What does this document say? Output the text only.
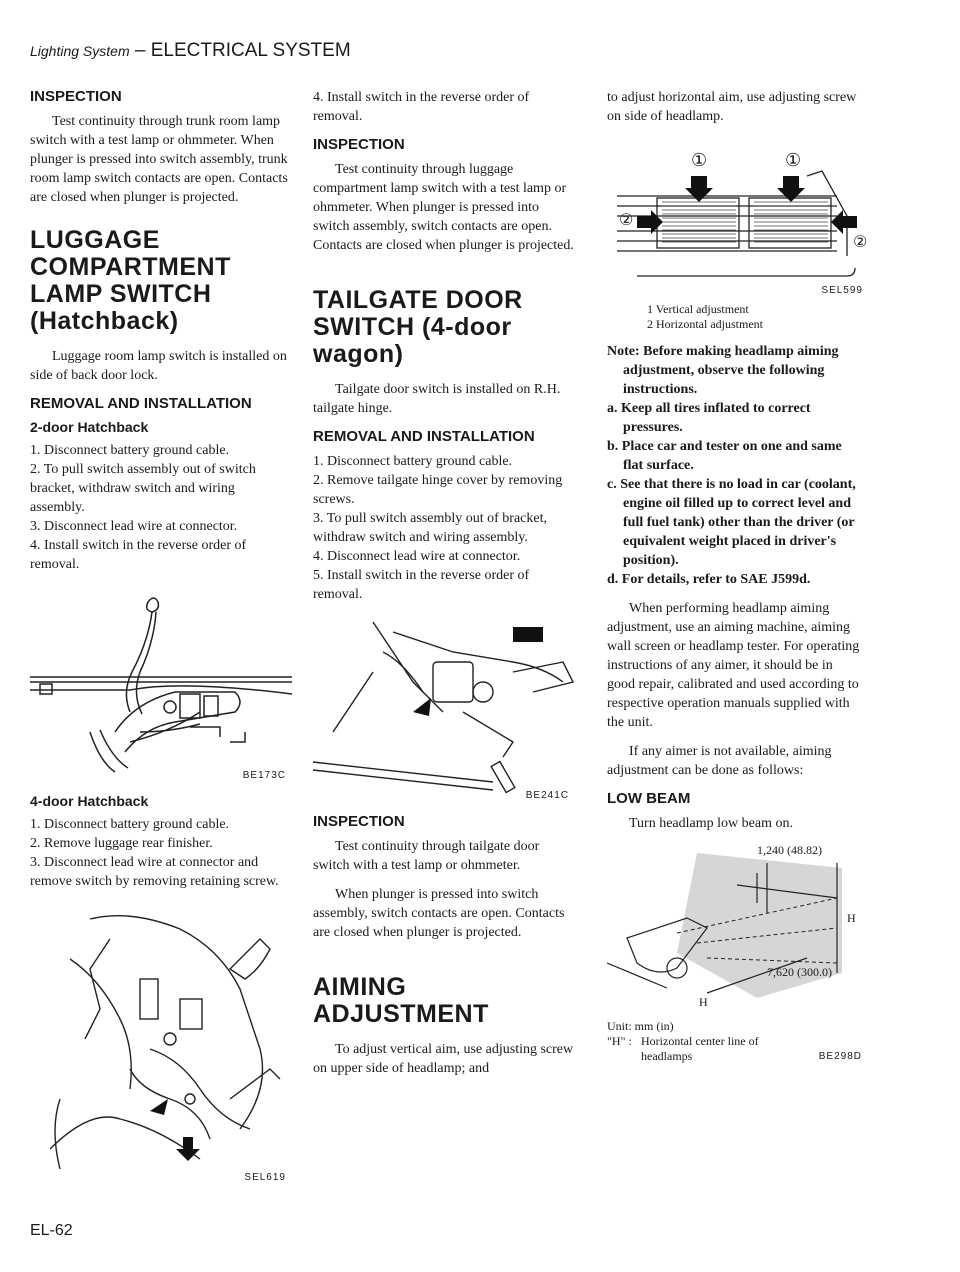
Lighting System – ELECTRICAL SYSTEM
INSPECTION

Test continuity through trunk room lamp switch with a test lamp or ohmmeter. When plunger is pressed into switch assembly, trunk room lamp switch contacts are open. Contacts are closed when plunger is projected.

LUGGAGE COMPARTMENT LAMP SWITCH (Hatchback)

Luggage room lamp switch is installed on side of back door lock.

REMOVAL AND INSTALLATION
2-door Hatchback
1. Disconnect battery ground cable.
2. To pull switch assembly out of switch bracket, withdraw switch and wiring assembly.
3. Disconnect lead wire at connector.
4. Install switch in the reverse order of removal.
BE173C
4-door Hatchback
1. Disconnect battery ground cable.
2. Remove luggage rear finisher.
3. Disconnect lead wire at connector and remove switch by removing retaining screw.
SEL619

4. Install switch in the reverse order of removal.

INSPECTION

Test continuity through luggage compartment lamp switch with a test lamp or ohmmeter. When plunger is pressed into switch assembly, switch contacts are open. Contacts are closed when plunger is projected.

TAILGATE DOOR SWITCH (4-door wagon)

Tailgate door switch is installed on R.H. tailgate hinge.

REMOVAL AND INSTALLATION
1. Disconnect battery ground cable.
2. Remove tailgate hinge cover by removing screws.
3. To pull switch assembly out of bracket, withdraw switch and wiring assembly.
4. Disconnect lead wire at connector.
5. Install switch in the reverse order of removal.
BE241C
INSPECTION

Test continuity through tailgate door switch with a test lamp or ohmmeter.

When plunger is pressed into switch assembly, switch contacts are open. Contacts are closed when plunger is projected.

AIMING ADJUSTMENT

To adjust vertical aim, use adjusting screw on upper side of headlamp; and

to adjust horizontal aim, use adjusting screw on side of headlamp.

①	①
②
②
SEL599
1 Vertical adjustment
2 Horizontal adjustment
Note: Before making headlamp aiming adjustment, observe the following instructions.
a. Keep all tires inflated to correct pressures.
b. Place car and tester on one and same flat surface.
c. See that there is no load in car (coolant, engine oil filled up to correct level and full fuel tank) other than the driver (or equivalent weight placed in driver's position).
d. For details, refer to SAE J599d.

When performing headlamp aiming adjustment, use an aiming machine, aiming wall screen or headlamp tester. For operating instructions of any aimer, it should be in good repair, calibrated and used according to respective operation manuals supplied with the unit.

If any aimer is not available, aiming adjustment can be done as follows:

LOW BEAM

Turn headlamp low beam on.

1,240 (48.82)
7,620 (300.0)
H
H
Unit: mm (in)
"H" : Horizontal center line of headlamps	BE298D
EL-62
